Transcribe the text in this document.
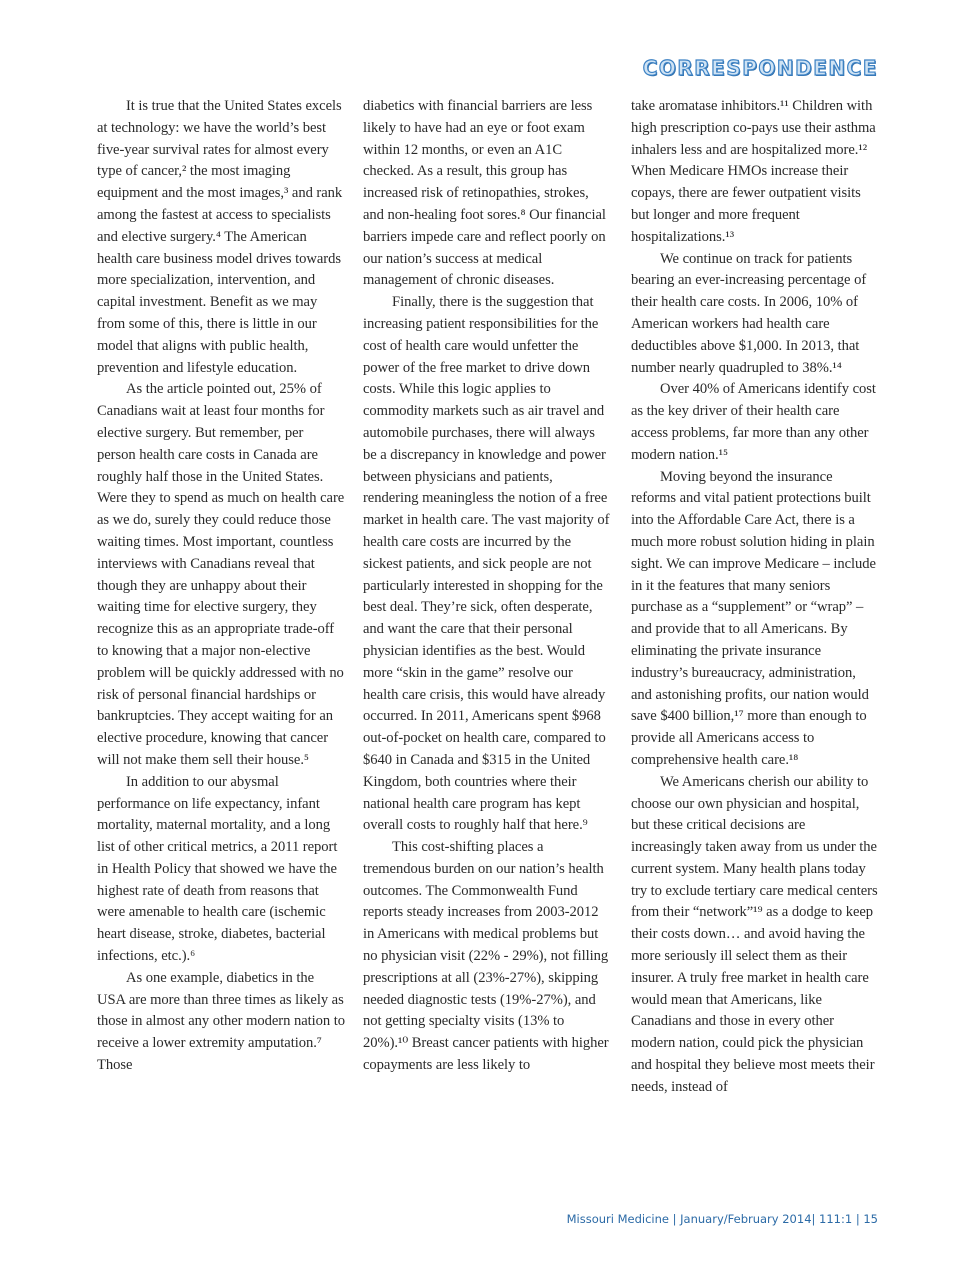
CORRESPONDENCE

It is true that the United States excels at technology: we have the world’s best five-year survival rates for almost every type of cancer,² the most imaging equipment and the most images,³ and rank among the fastest at access to specialists and elective surgery.⁴ The American health care business model drives towards more specialization, intervention, and capital investment. Benefit as we may from some of this, there is little in our model that aligns with public health, prevention and lifestyle education.

As the article pointed out, 25% of Canadians wait at least four months for elective surgery. But remember, per person health care costs in Canada are roughly half those in the United States. Were they to spend as much on health care as we do, surely they could reduce those waiting times. Most important, countless interviews with Canadians reveal that though they are unhappy about their waiting time for elective surgery, they recognize this as an appropriate trade-off to knowing that a major non-elective problem will be quickly addressed with no risk of personal financial hardships or bankruptcies. They accept waiting for an elective procedure, knowing that cancer will not make them sell their house.⁵

In addition to our abysmal performance on life expectancy, infant mortality, maternal mortality, and a long list of other critical metrics, a 2011 report in Health Policy that showed we have the highest rate of death from reasons that were amenable to health care (ischemic heart disease, stroke, diabetes, bacterial infections, etc.).⁶

As one example, diabetics in the USA are more than three times as likely as those in almost any other modern nation to receive a lower extremity amputation.⁷ Those

diabetics with financial barriers are less likely to have had an eye or foot exam within 12 months, or even an A1C checked. As a result, this group has increased risk of retinopathies, strokes, and non-healing foot sores.⁸ Our financial barriers impede care and reflect poorly on our nation’s success at medical management of chronic diseases.

Finally, there is the suggestion that increasing patient responsibilities for the cost of health care would unfetter the power of the free market to drive down costs. While this logic applies to commodity markets such as air travel and automobile purchases, there will always be a discrepancy in knowledge and power between physicians and patients, rendering meaningless the notion of a free market in health care. The vast majority of health care costs are incurred by the sickest patients, and sick people are not particularly interested in shopping for the best deal. They’re sick, often desperate, and want the care that their personal physician identifies as the best. Would more “skin in the game” resolve our health care crisis, this would have already occurred. In 2011, Americans spent $968 out-of-pocket on health care, compared to $640 in Canada and $315 in the United Kingdom, both countries where their national health care program has kept overall costs to roughly half that here.⁹

This cost-shifting places a tremendous burden on our nation’s health outcomes. The Commonwealth Fund reports steady increases from 2003-2012 in Americans with medical problems but no physician visit (22% - 29%), not filling prescriptions at all (23%-27%), skipping needed diagnostic tests (19%-27%), and not getting specialty visits (13% to 20%).¹⁰ Breast cancer patients with higher copayments are less likely to

take aromatase inhibitors.¹¹ Children with high prescription co-pays use their asthma inhalers less and are hospitalized more.¹² When Medicare HMOs increase their copays, there are fewer outpatient visits but longer and more frequent hospitalizations.¹³

We continue on track for patients bearing an ever-increasing percentage of their health care costs. In 2006, 10% of American workers had health care deductibles above $1,000. In 2013, that number nearly quadrupled to 38%.¹⁴

Over 40% of Americans identify cost as the key driver of their health care access problems, far more than any other modern nation.¹⁵

Moving beyond the insurance reforms and vital patient protections built into the Affordable Care Act, there is a much more robust solution hiding in plain sight. We can improve Medicare – include in it the features that many seniors purchase as a “supplement” or “wrap” – and provide that to all Americans. By eliminating the private insurance industry’s bureaucracy, administration, and astonishing profits, our nation would save $400 billion,¹⁷ more than enough to provide all Americans access to comprehensive health care.¹⁸

We Americans cherish our ability to choose our own physician and hospital, but these critical decisions are increasingly taken away from us under the current system. Many health plans today try to exclude tertiary care medical centers from their “network”¹⁹ as a dodge to keep their costs down… and avoid having the more seriously ill select them as their insurer. A truly free market in health care would mean that Americans, like Canadians and those in every other modern nation, could pick the physician and hospital they believe most meets their needs, instead of

Missouri Medicine | January/February 2014| 111:1 | 15
